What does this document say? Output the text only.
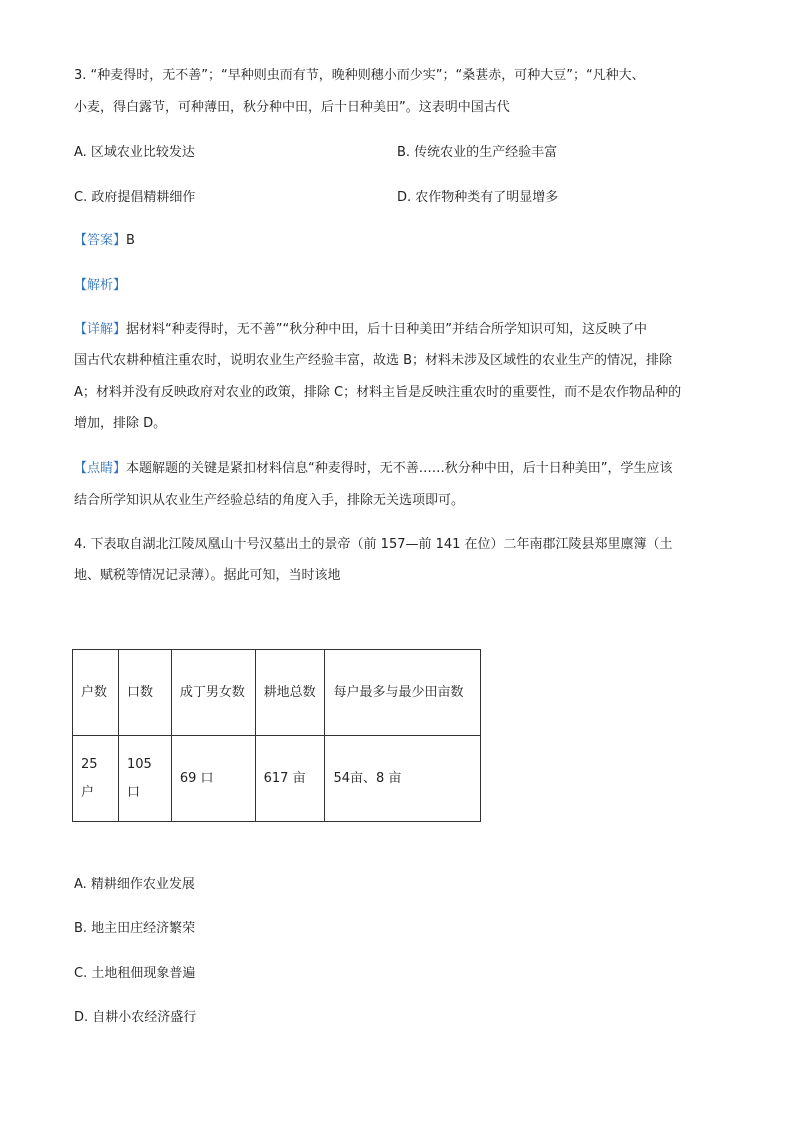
3. “种麦得时，无不善”；“早种则虫而有节，晚种则穗小而少实”；“桑葚赤，可种大豆”；“凡种大、
小麦，得白露节，可种薄田，秋分种中田，后十日种美田”。这表明中国古代
A. 区域农业比较发达	B. 传统农业的生产经验丰富
C. 政府提倡精耕细作	D. 农作物种类有了明显增多
【答案】B
【解析】
【详解】据材料“种麦得时，无不善”“秋分种中田，后十日种美田”并结合所学知识可知，这反映了中
国古代农耕种植注重农时，说明农业生产经验丰富，故选 B；材料未涉及区域性的农业生产的情况，排除
A；材料并没有反映政府对农业的政策，排除 C；材料主旨是反映注重农时的重要性，而不是农作物品种的
增加，排除 D。
【点睛】本题解题的关键是紧扣材料信息“种麦得时，无不善……秋分种中田，后十日种美田”，学生应该
结合所学知识从农业生产经验总结的角度入手，排除无关选项即可。
4. 下表取自湖北江陵凤凰山十号汉墓出土的景帝（前 157—前 141 在位）二年南郡江陵县郑里廪簿（土
地、赋税等情况记录薄）。据此可知，当时该地
户数	口数	成丁男女数	耕地总数	每户最多与最少田亩数
25 户	105 口	69 口	617 亩	54亩、8 亩
A. 精耕细作农业发展
B. 地主田庄经济繁荣
C. 土地租佃现象普遍
D. 自耕小农经济盛行
